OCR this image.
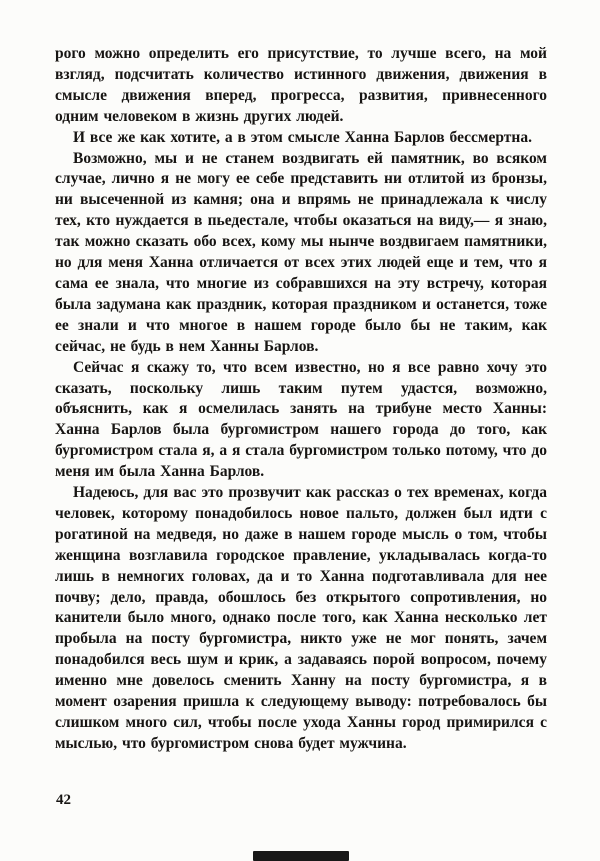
рого можно определить его присутствие, то лучше всего, на мой взгляд, подсчитать количество истинного движения, движения в смысле движения вперед, прогресса, развития, привнесенного одним человеком в жизнь других людей.

И все же как хотите, а в этом смысле Ханна Барлов бессмертна.

Возможно, мы и не станем воздвигать ей памятник, во всяком случае, лично я не могу ее себе представить ни отлитой из бронзы, ни высеченной из камня; она и впрямь не принадлежала к числу тех, кто нуждается в пьедестале, чтобы оказаться на виду,— я знаю, так можно сказать обо всех, кому мы нынче воздвигаем памятники, но для меня Ханна отличается от всех этих людей еще и тем, что я сама ее знала, что многие из собравшихся на эту встречу, которая была задумана как праздник, которая праздником и останется, тоже ее знали и что многое в нашем городе было бы не таким, как сейчас, не будь в нем Ханны Барлов.

Сейчас я скажу то, что всем известно, но я все равно хочу это сказать, поскольку лишь таким путем удастся, возможно, объяснить, как я осмелилась занять на трибуне место Ханны: Ханна Барлов была бургомистром нашего города до того, как бургомистром стала я, а я стала бургомистром только потому, что до меня им была Ханна Барлов.

Надеюсь, для вас это прозвучит как рассказ о тех временах, когда человек, которому понадобилось новое пальто, должен был идти с рогатиной на медведя, но даже в нашем городе мысль о том, чтобы женщина возглавила городское правление, укладывалась когда-то лишь в немногих головах, да и то Ханна подготавливала для нее почву; дело, правда, обошлось без открытого сопротивления, но канители было много, однако после того, как Ханна несколько лет пробыла на посту бургомистра, никто уже не мог понять, зачем понадобился весь шум и крик, а задаваясь порой вопросом, почему именно мне довелось сменить Ханну на посту бургомистра, я в момент озарения пришла к следующему выводу: потребовалось бы слишком много сил, чтобы после ухода Ханны город примирился с мыслью, что бургомистром снова будет мужчина.

42
